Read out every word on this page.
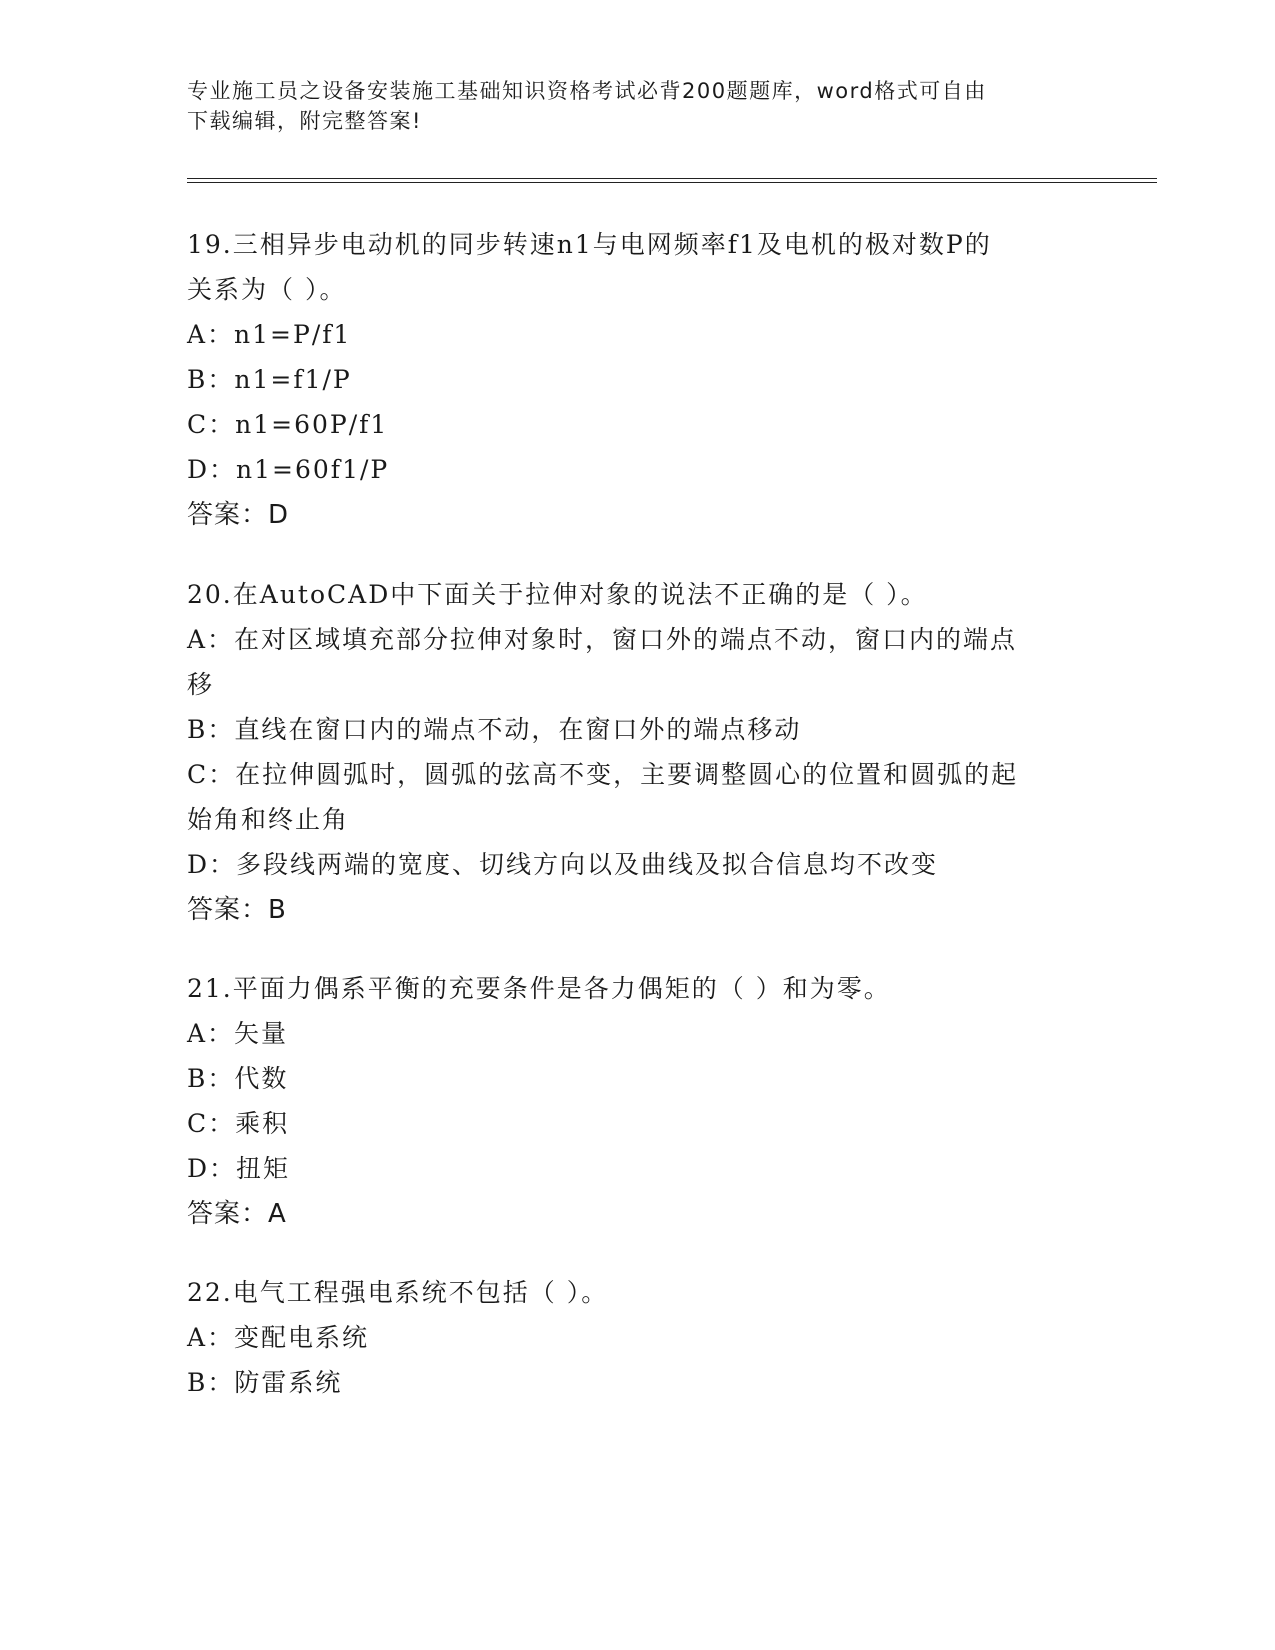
专业施工员之设备安装施工基础知识资格考试必背200题题库，word格式可自由
下载编辑，附完整答案!
19.三相异步电动机的同步转速n1与电网频率f1及电机的极对数P的
关系为（ ）。
A：n1=P/f1
B：n1=f1/P
C：n1=60P/f1
D：n1=60f1/P
答案：D
20.在AutoCAD中下面关于拉伸对象的说法不正确的是（ ）。
A：在对区域填充部分拉伸对象时，窗口外的端点不动，窗口内的端点
移
B：直线在窗口内的端点不动，在窗口外的端点移动
C：在拉伸圆弧时，圆弧的弦高不变，主要调整圆心的位置和圆弧的起
始角和终止角
D：多段线两端的宽度、切线方向以及曲线及拟合信息均不改变
答案：B
21.平面力偶系平衡的充要条件是各力偶矩的（ ）和为零。
A：矢量
B：代数
C：乘积
D：扭矩
答案：A
22.电气工程强电系统不包括（ ）。
A：变配电系统
B：防雷系统
